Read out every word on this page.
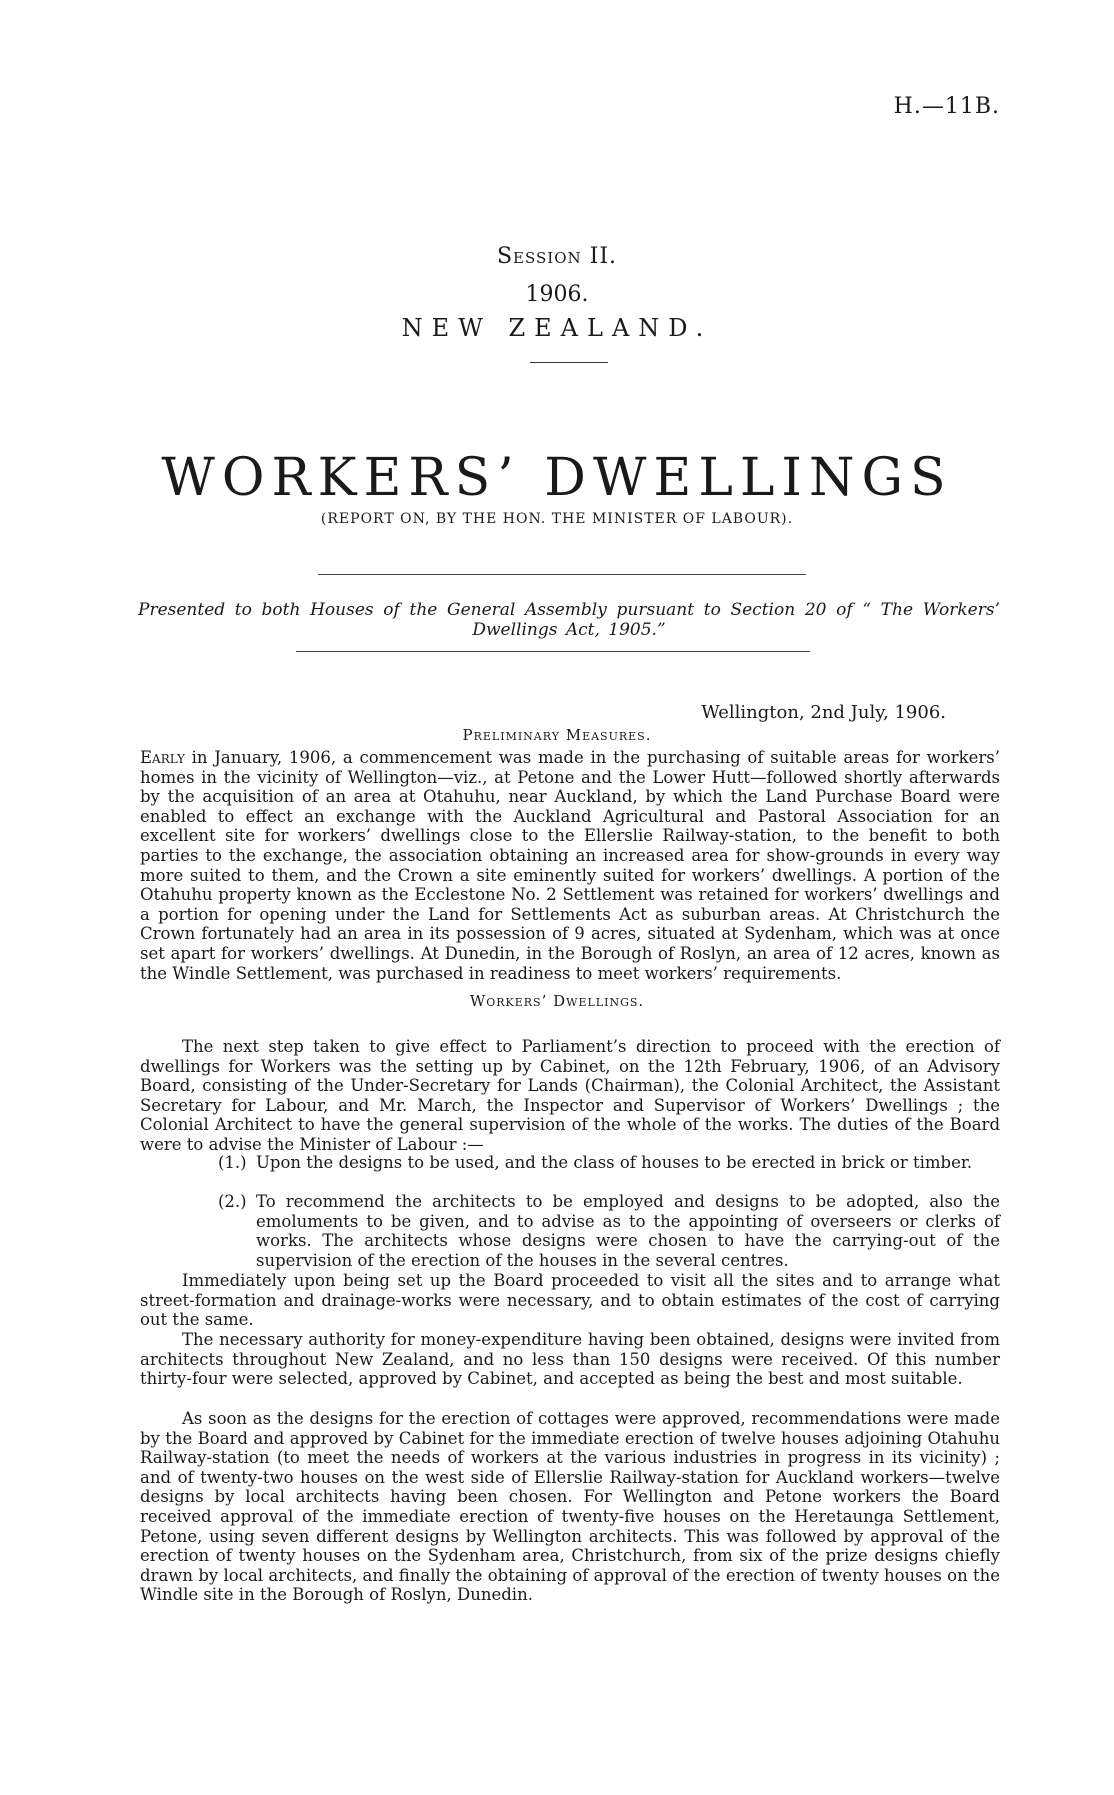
H.—11B.
Session II.
1906.
NEW ZEALAND.
WORKERS’ DWELLINGS
(REPORT ON, BY THE HON. THE MINISTER OF LABOUR).
Presented to both Houses of the General Assembly pursuant to Section 20 of “ The Workers’ Dwellings Act, 1905.”
Wellington, 2nd July, 1906.
Preliminary Measures.
Early in January, 1906, a commencement was made in the purchasing of suitable areas for workers’ homes in the vicinity of Wellington—viz., at Petone and the Lower Hutt—followed shortly afterwards by the acquisition of an area at Otahuhu, near Auckland, by which the Land Purchase Board were enabled to effect an exchange with the Auckland Agricultural and Pastoral Association for an excellent site for workers’ dwellings close to the Ellerslie Railway-station, to the benefit to both parties to the exchange, the association obtaining an increased area for show-grounds in every way more suited to them, and the Crown a site eminently suited for workers’ dwellings. A portion of the Otahuhu property known as the Ecclestone No. 2 Settlement was retained for workers’ dwellings and a portion for opening under the Land for Settlements Act as suburban areas. At Christchurch the Crown fortunately had an area in its possession of 9 acres, situated at Sydenham, which was at once set apart for workers’ dwellings. At Dunedin, in the Borough of Roslyn, an area of 12 acres, known as the Windle Settlement, was purchased in readiness to meet workers’ requirements.
Workers’ Dwellings.
The next step taken to give effect to Parliament’s direction to proceed with the erection of dwellings for Workers was the setting up by Cabinet, on the 12th February, 1906, of an Advisory Board, consisting of the Under-Secretary for Lands (Chairman), the Colonial Architect, the Assistant Secretary for Labour, and Mr. March, the Inspector and Supervisor of Workers’ Dwellings ; the Colonial Architect to have the general supervision of the whole of the works. The duties of the Board were to advise the Minister of Labour :—
(1.) Upon the designs to be used, and the class of houses to be erected in brick or timber.
(2.) To recommend the architects to be employed and designs to be adopted, also the emoluments to be given, and to advise as to the appointing of overseers or clerks of works. The architects whose designs were chosen to have the carrying-out of the supervision of the erection of the houses in the several centres.
Immediately upon being set up the Board proceeded to visit all the sites and to arrange what street-formation and drainage-works were necessary, and to obtain estimates of the cost of carrying out the same.
The necessary authority for money-expenditure having been obtained, designs were invited from architects throughout New Zealand, and no less than 150 designs were received. Of this number thirty-four were selected, approved by Cabinet, and accepted as being the best and most suitable.
As soon as the designs for the erection of cottages were approved, recommendations were made by the Board and approved by Cabinet for the immediate erection of twelve houses adjoining Otahuhu Railway-station (to meet the needs of workers at the various industries in progress in its vicinity) ; and of twenty-two houses on the west side of Ellerslie Railway-station for Auckland workers—twelve designs by local architects having been chosen. For Wellington and Petone workers the Board received approval of the immediate erection of twenty-five houses on the Heretaunga Settlement, Petone, using seven different designs by Wellington architects. This was followed by approval of the erection of twenty houses on the Sydenham area, Christchurch, from six of the prize designs chiefly drawn by local architects, and finally the obtaining of approval of the erection of twenty houses on the Windle site in the Borough of Roslyn, Dunedin.
